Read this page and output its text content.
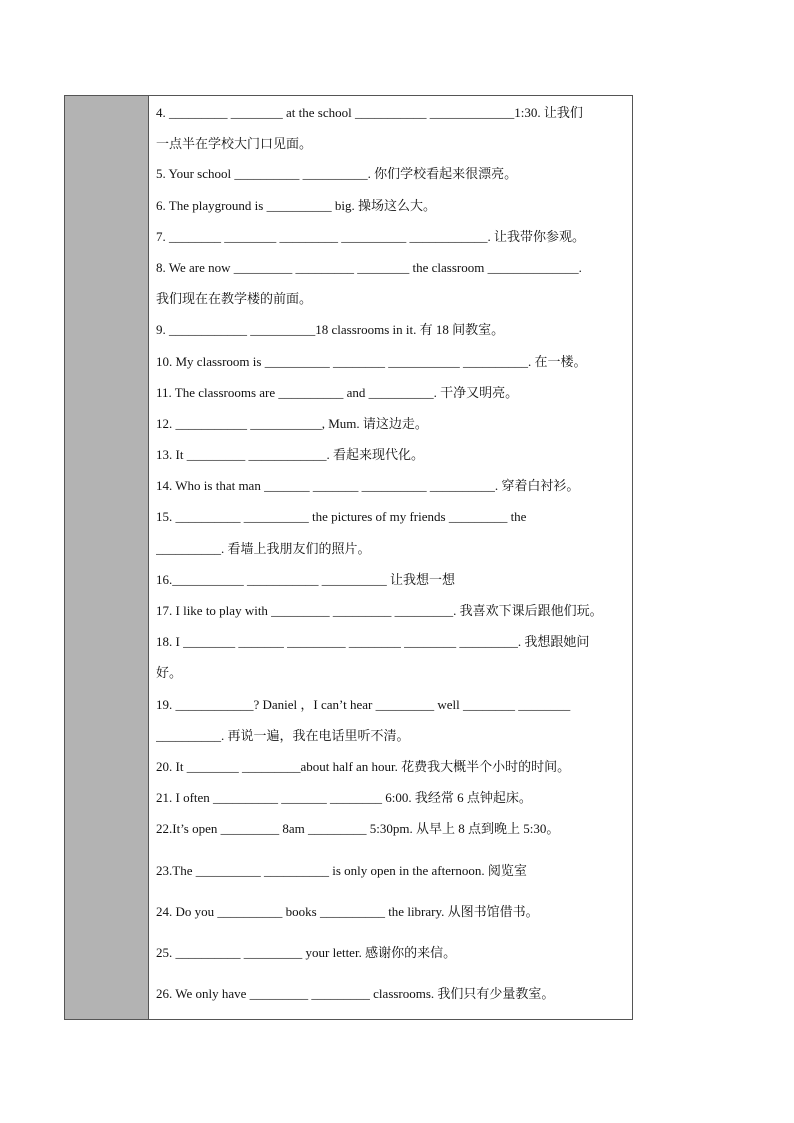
4. _________ ________ at the school ___________ _____________1:30. 让我们
一点半在学校大门口见面。
5. Your school __________ __________. 你们学校看起来很漂亮。
6. The playground is __________ big. 操场这么大。
7. ________ ________ _________ __________ ____________. 让我带你参观。
8. We are now _________ _________ ________ the classroom ______________.
我们现在在教学楼的前面。
9. ____________ __________18 classrooms in it. 有 18 间教室。
10. My classroom is __________ ________ ___________ __________. 在一楼。
11. The classrooms are __________ and __________. 干净又明亮。
12. ___________ ___________, Mum. 请这边走。
13. It _________ ____________. 看起来现代化。
14. Who is that man _______ _______ __________ __________. 穿着白衬衫。
15. __________ __________ the pictures of my friends _________ the
__________. 看墙上我朋友们的照片。
16.___________ ___________ __________ 让我想一想
17. I like to play with _________ _________ _________. 我喜欢下课后跟他们玩。
18. I ________ _______ _________ ________ ________ _________. 我想跟她问
好。
19. ____________? Daniel ，I can’t hear _________ well ________ ________
__________. 再说一遍，我在电话里听不清。
20. It ________ _________about half an hour. 花费我大概半个小时的时间。
21. I often __________ _______ ________ 6:00. 我经常 6 点钟起床。
22.It’s open _________ 8am _________ 5:30pm. 从早上 8 点到晚上 5:30。
23.The __________ __________ is only open in the afternoon. 阅览室
24. Do you __________ books __________ the library. 从图书馆借书。
25. __________ _________ your letter. 感谢你的来信。
26. We only have _________ _________ classrooms. 我们只有少量教室。
